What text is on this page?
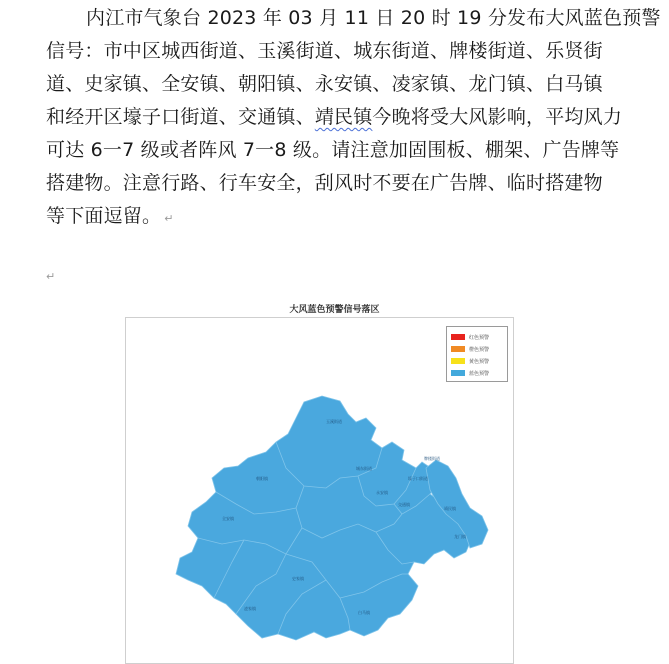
内江市气象台 2023 年 03 月 11 日 20 时 19 分发布大风蓝色预警
信号：市中区城西街道、玉溪街道、城东街道、牌楼街道、乐贤街
道、史家镇、全安镇、朝阳镇、永安镇、凌家镇、龙门镇、白马镇
和经开区壕子口街道、交通镇、靖民镇今晚将受大风影响，平均风力
可达 6一7 级或者阵风 7一8 级。请注意加固围板、棚架、广告牌等
搭建物。注意行路、行车安全，刮风时不要在广告牌、临时搭建物
等下面逗留。 ↵
↵
大风蓝色预警信号落区
玉溪街道
城东街道
壕子口街道
牌楼街道
交通镇
靖民镇
朝阳镇
全安镇
永安镇
史家镇
凌家镇
白马镇
龙门镇
红色预警
橙色预警
黄色预警
蓝色预警
